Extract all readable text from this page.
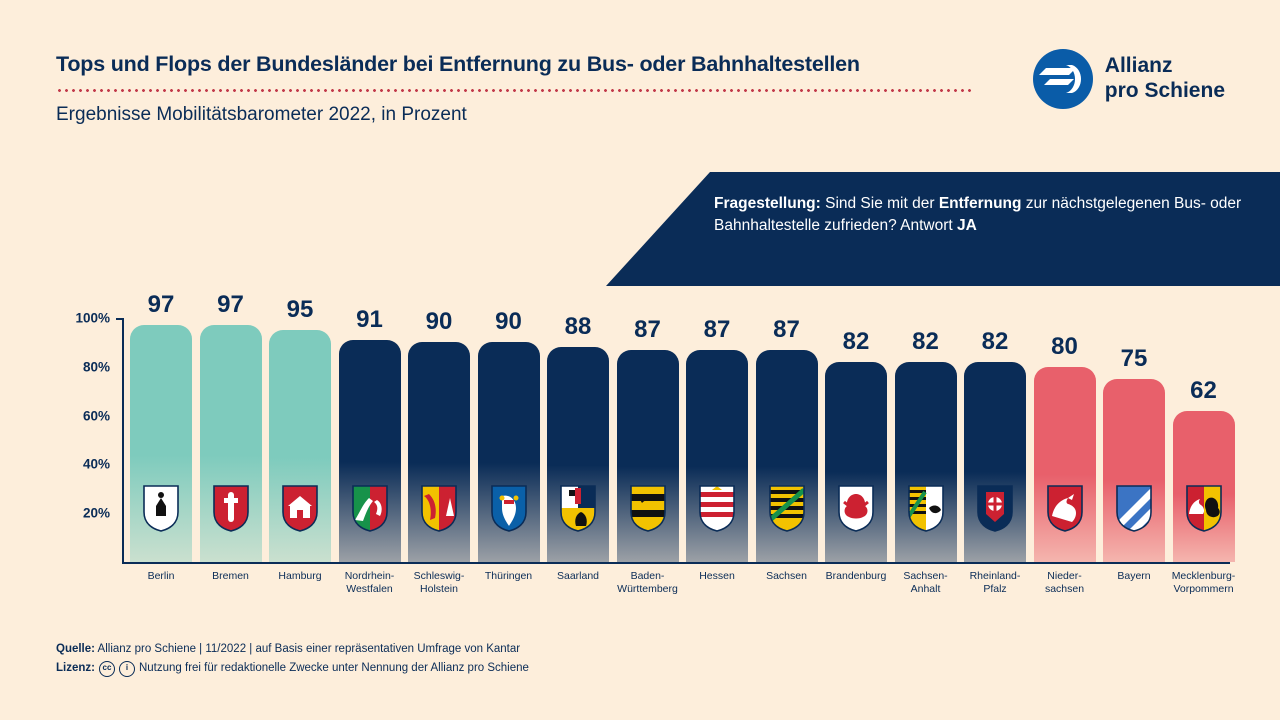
Tops und Flops der Bundesländer bei Entfernung zu Bus- oder Bahnhaltestellen
Ergebnisse Mobilitätsbarometer 2022, in Prozent
Allianz
pro Schiene
Fragestellung: Sind Sie mit der Entfernung zur nächstgelegenen Bus- oder Bahnhaltestelle zufrieden? Antwort JA
100%
80%
60%
40%
20%
97
Berlin
97
Bremen
95
Hamburg
91
Nordrhein-
Westfalen
90
Schleswig-
Holstein
90
Thüringen
88
Saarland
87
Baden-
Württemberg
87
Hessen
87
Sachsen
82
Brandenburg
82
Sachsen-
Anhalt
82
Rheinland-
Pfalz
80
Nieder-
sachsen
75
Bayern
62
Mecklenburg-
Vorpommern
Quelle: Allianz pro Schiene | 11/2022 | auf Basis einer repräsentativen Umfrage von Kantar
Lizenz: cc	i Nutzung frei für redaktionelle Zwecke unter Nennung der Allianz pro Schiene
